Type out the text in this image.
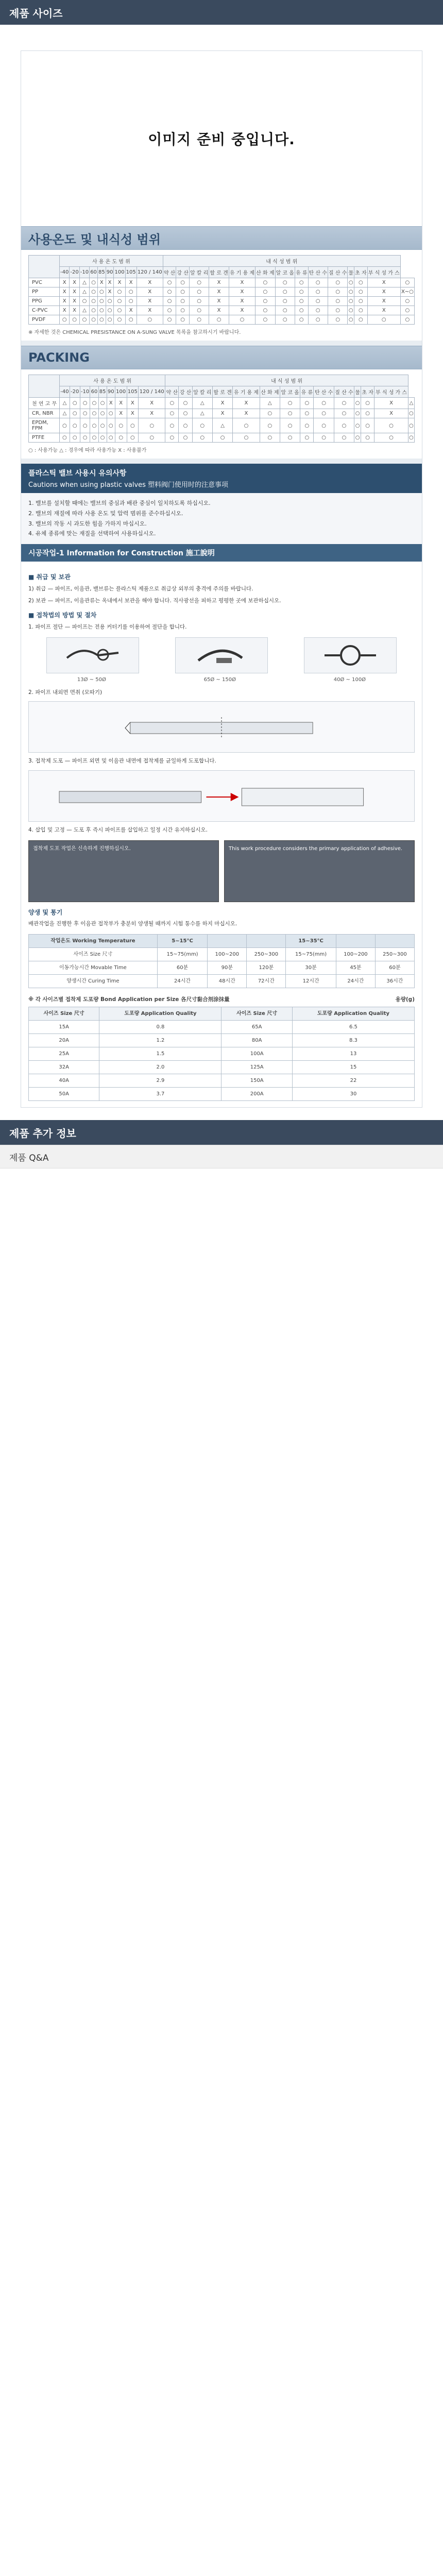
제품 사이즈
이미지 준비 중입니다.
사용온도 및 내식성 범위
	사 용 온 도 범 위									내 식 성 범 위													
	-40	-20	-10	60	85	90	100	105	120 / 140	약 산	강 산	알 칼 리	할 로 겐	유 기 용 제	산 화 제	알 코 올	유 류	탄 산 수	질 산 수	물	초 자	부 식 성 가 스	
PVC	X	X	△	○	X	X	X	X	X	○	○	○	X	X	○	○	○	○	○	○	○	X	○
PP	X	X	△	○	○	X	○	○	X	○	○	○	X	X	○	○	○	○	○	○	○	X	X~○
PPG	X	X	○	○	○	○	○	○	X	○	○	○	X	X	○	○	○	○	○	○	○	X	○
C-PVC	X	X	△	○	○	○	○	X	X	○	○	○	X	X	○	○	○	○	○	○	○	X	○
PVDF	○	○	○	○	○	○	○	○	○	○	○	○	○	○	○	○	○	○	○	○	○	○	○
※ 자세한 것은 CHEMICAL PRESISTANCE ON A-SUNG VALVE 목록을 참고하시기 바랍니다.
PACKING
	사 용 온 도 범 위									내 식 성 범 위													
	-40	-20	-10	60	85	90	100	105	120 / 140	약 산	강 산	알 칼 리	할 로 겐	유 기 용 제	산 화 제	알 코 올	유 류	탄 산 수	질 산 수	물	초 자	부 식 성 가 스	
천 연 고 무	△	○	○	○	○	X	X	X	X	○	○	△	X	X	△	○	○	○	○	○	○	X	△
CR, NBR	△	○	○	○	○	○	X	X	X	○	○	△	X	X	○	○	○	○	○	○	○	X	○
EPDM, FPM	○	○	○	○	○	○	○	○	○	○	○	○	△	○	○	○	○	○	○	○	○	○	○
PTFE	○	○	○	○	○	○	○	○	○	○	○	○	○	○	○	○	○	○	○	○	○	○	○
○ : 사용가능 △ : 경우에 따라 사용가능 X : 사용불가
플라스틱 밸브 사용시 유의사항
Cautions when using plastic valves 塑料阀门使用时的注意事项
1. 밸브를 설치할 때에는 밸브의 중심과 배관 중심이 일치하도록 하십시오.
2. 밸브의 재질에 따라 사용 온도 및 압력 범위를 준수하십시오.
3. 밸브의 작동 시 과도한 힘을 가하지 마십시오.
4. 유체 종류에 맞는 재질을 선택하여 사용하십시오.
시공작업-1 Information for Construction 施工說明
■ 취급 및 보관

1) 취급 — 파이프, 이음관, 밸브류는 플라스틱 제품으로 취급상 외부의 충격에 주의를 바랍니다.

2) 보관 — 파이프, 이음관류는 옥내에서 보관을 해야 합니다. 직사광선을 피하고 평평한 곳에 보관하십시오.

■ 접착법의 방법 및 절차

1. 파이프 절단 — 파이프는 전용 커터기를 이용하여 절단을 합니다.

13Ø ~ 50Ø	65Ø ~ 150Ø	40Ø ~ 100Ø

2. 파이프 내외면 면취 (모따기)

3. 접착제 도포 — 파이프 외면 및 이음관 내면에 접착제를 균일하게 도포합니다.

4. 삽입 및 고정 — 도포 후 즉시 파이프를 삽입하고 일정 시간 유지하십시오.

접착제 도포 작업은 신속하게 진행하십시오.	This work procedure considers the primary application of adhesive.
양생 및 통기

배관작업을 진행한 후 이음관 접착부가 충분히 양생될 때까지 시험 통수를 하지 마십시오.

작업온도 Working Temperature	5~15°C			15~35°C		
사이즈 Size 尺寸	15~75(mm)	100~200	250~300	15~75(mm)	100~200	250~300
이동가능시간 Movable Time	60분	90분	120분	30분	45분	60분
양생시간 Curing Time	24시간	48시간	72시간	12시간	24시간	36시간
※ 각 사이즈별 접착제 도포량 Bond Application per Size 各尺寸黏合剂涂抹量	용량(g)
사이즈 Size 尺寸	도포량 Application Quality	사이즈 Size 尺寸	도포량 Application Quality
15A	0.8	65A	6.5
20A	1.2	80A	8.3
25A	1.5	100A	13
32A	2.0	125A	15
40A	2.9	150A	22
50A	3.7	200A	30
제품 추가 정보
제품 Q&A
